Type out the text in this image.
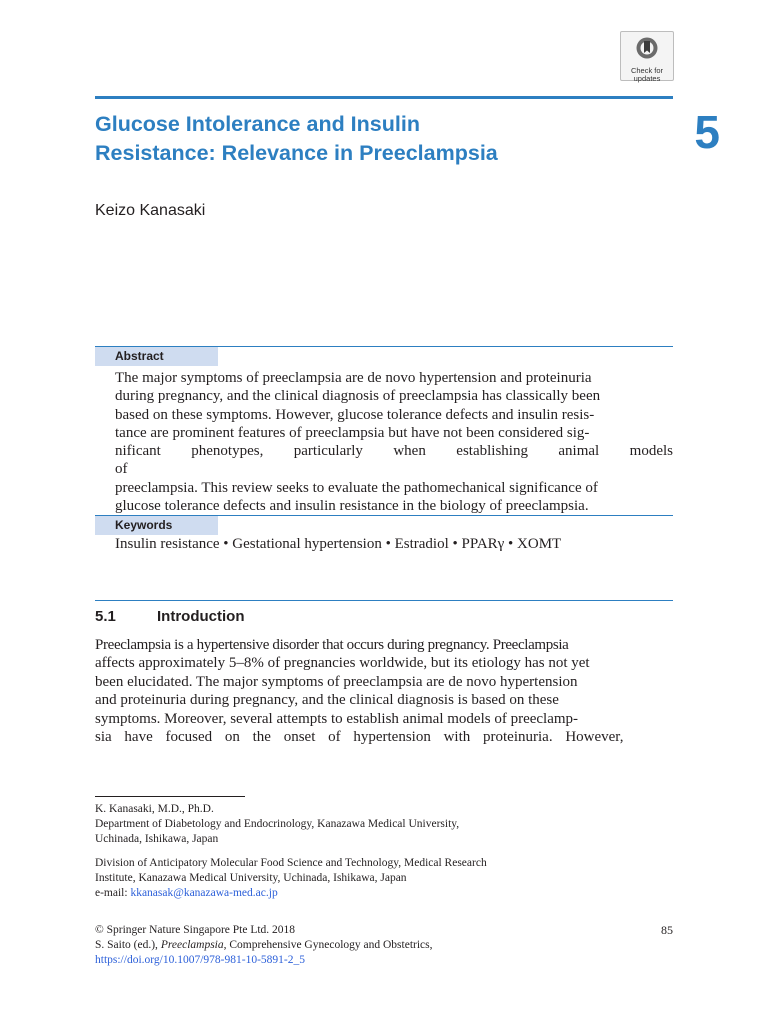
Check for
updates
Glucose Intolerance and Insulin
Resistance: Relevance in Preeclampsia	5
Keizo Kanasaki
Abstract
The major symptoms of preeclampsia are de novo hypertension and proteinuria
during pregnancy, and the clinical diagnosis of preeclampsia has classically been
based on these symptoms. However, glucose tolerance defects and insulin resis-
tance are prominent features of preeclampsia but have not been considered sig-
nificant phenotypes, particularly when establishing animal models of
preeclampsia. This review seeks to evaluate the pathomechanical significance of
glucose tolerance defects and insulin resistance in the biology of preeclampsia.
Keywords
Insulin resistance • Gestational hypertension • Estradiol • PPARγ • XOMT
5.1	Introduction
Preeclampsia is a hypertensive disorder that occurs during pregnancy. Preeclampsia
affects approximately 5–8% of pregnancies worldwide, but its etiology has not yet
been elucidated. The major symptoms of preeclampsia are de novo hypertension
and proteinuria during pregnancy, and the clinical diagnosis is based on these
symptoms. Moreover, several attempts to establish animal models of preeclamp-
sia have focused on the onset of hypertension with proteinuria. However,
K. Kanasaki, M.D., Ph.D.
Department of Diabetology and Endocrinology, Kanazawa Medical University,
Uchinada, Ishikawa, Japan
Division of Anticipatory Molecular Food Science and Technology, Medical Research
Institute, Kanazawa Medical University, Uchinada, Ishikawa, Japan
e-mail: kkanasak@kanazawa-med.ac.jp
© Springer Nature Singapore Pte Ltd. 2018
S. Saito (ed.), Preeclampsia, Comprehensive Gynecology and Obstetrics,
https://doi.org/10.1007/978-981-10-5891-2_5
85
